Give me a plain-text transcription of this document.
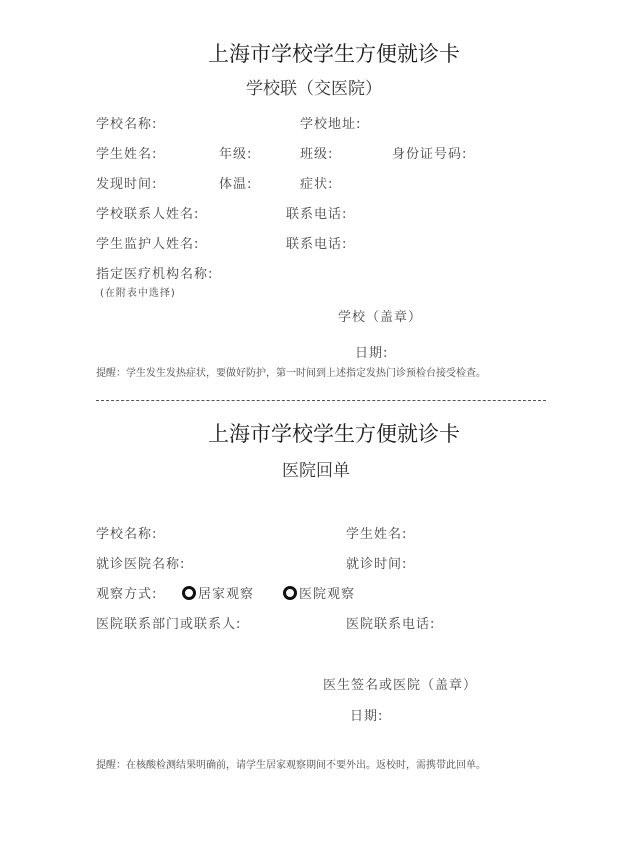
上海市学校学生方便就诊卡
学校联（交医院）
学校名称:	学校地址:
学生姓名:	年级:	班级:	身份证号码:
发现时间:	体温:	症状:
学校联系人姓名:	联系电话:
学生监护人姓名:	联系电话:
指定医疗机构名称:
(在附表中选择)
学校（盖章）
日期:
提醒：学生发生发热症状，要做好防护，第一时间到上述指定发热门诊预检台接受检查。
上海市学校学生方便就诊卡
医院回单
学校名称:	学生姓名:
就诊医院名称:	就诊时间:
观察方式:	居家观察	医院观察
医院联系部门或联系人:	医院联系电话:
医生签名或医院（盖章）
日期:
提醒：在核酸检测结果明确前，请学生居家观察期间不要外出。返校时，需携带此回单。
